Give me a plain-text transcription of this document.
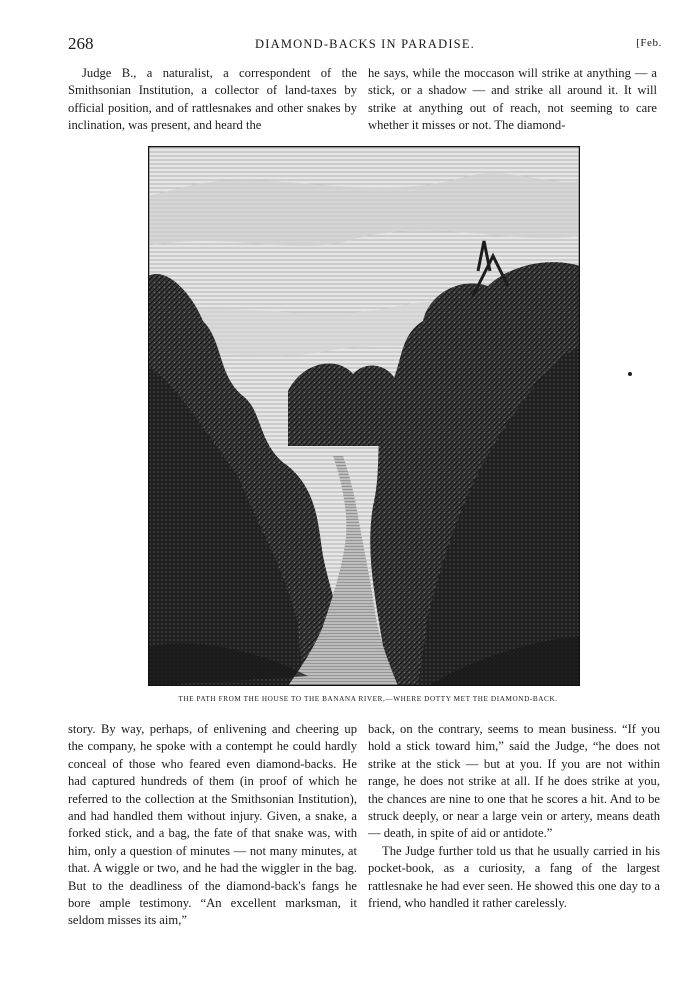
268	DIAMOND-BACKS IN PARADISE.	[Feb.

Judge B., a naturalist, a correspondent of the Smithsonian Institution, a collector of land-taxes by official position, and of rattlesnakes and other snakes by inclination, was present, and heard the

he says, while the moccason will strike at anything — a stick, or a shadow — and strike all around it. It will strike at anything out of reach, not seeming to care whether it misses or not. The diamond-

THE PATH FROM THE HOUSE TO THE BANANA RIVER,—WHERE DOTTY MET THE DIAMOND-BACK.

story. By way, perhaps, of enlivening and cheering up the company, he spoke with a contempt he could hardly conceal of those who feared even diamond-backs. He had captured hundreds of them (in proof of which he referred to the collection at the Smithsonian Institution), and had handled them without injury. Given, a snake, a forked stick, and a bag, the fate of that snake was, with him, only a question of minutes — not many minutes, at that. A wiggle or two, and he had the wiggler in the bag. But to the deadliness of the diamond-back's fangs he bore ample testimony. “An excellent marksman, it seldom misses its aim,”

back, on the contrary, seems to mean business. “If you hold a stick toward him,” said the Judge, “he does not strike at the stick — but at you. If you are not within range, he does not strike at all. If he does strike at you, the chances are nine to one that he scores a hit. And to be struck deeply, or near a large vein or artery, means death — death, in spite of aid or antidote.”

The Judge further told us that he usually carried in his pocket-book, as a curiosity, a fang of the largest rattlesnake he had ever seen. He showed this one day to a friend, who handled it rather carelessly.
